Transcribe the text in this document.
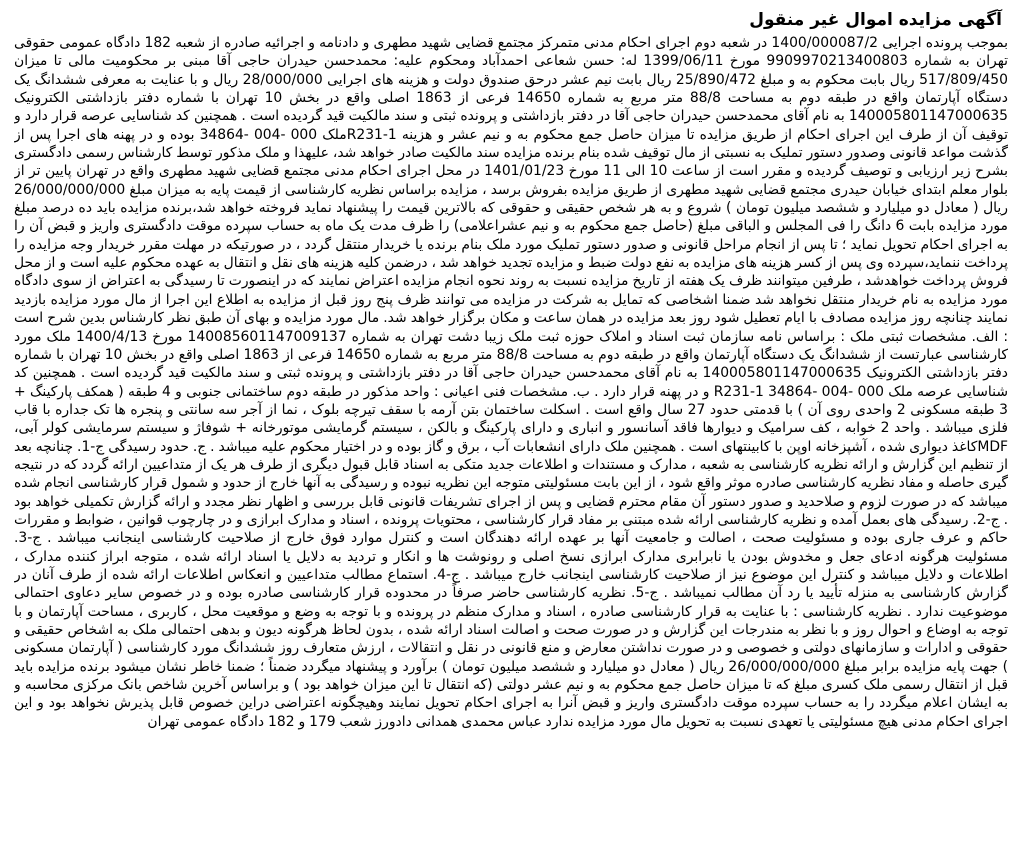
آگهی مزایده اموال غیر منقول

بموجب پرونده اجرایی 1400/000087/2 در شعبه دوم اجرای احکام مدنی متمرکز مجتمع قضایی شهید مطهری و دادنامه و اجرائیه صادره از شعبه 182 دادگاه عمومی حقوقی تهران به شماره 9909970213400803 مورخ 1399/06/11 له: حسن شعاعی احمدآباد ومحکوم علیه: محمدحسن حیدران حاجی آقا مبنی بر محکومیت مالی تا میزان 517/809/450 ریال بابت محکوم به و مبلغ 25/890/472 ریال بابت نیم عشر درحق صندوق دولت و هزینه های اجرایی 28/000/000 ریال و با عنایت به معرفی ششدانگ یک دستگاه آپارتمان واقع در طبقه دوم به مساحت 88/8 متر مربع به شماره 14650 فرعی از 1863 اصلی واقع در بخش 10 تهران با شماره دفتر بازداشتی الکترونیک 140005801147000635 به نام آقای محمدحسن حیدران حاجی آقا در دفتر بازداشتی و پرونده ثبتی و سند مالکیت قید گردیده است . همچنین کد شناسایی عرصه قرار دارد و توقیف آن از طرف این اجرای احکام از طریق مزایده تا میزان حاصل جمع محکوم به و نیم عشر و هزینه R231-1ملک 000 -004 -34864 بوده و در پهنه های اجرا پس از گذشت مواعد قانونی وصدور دستور تملیک به نسبتی از مال توقیف شده بنام برنده مزایده سند مالکیت صادر خواهد شد، علیهذا و ملک مذکور توسط کارشناس رسمی دادگستری بشرح زیر ارزیابی و توصیف گردیده و مقرر است از ساعت 10 الی 11 مورخ 1401/01/23 در محل اجرای احکام مدنی مجتمع قضایی شهید مطهری واقع در تهران پایین تر از بلوار معلم ابتدای خیابان حیدری مجتمع قضایی شهید مطهری از طریق مزایده بفروش برسد ، مزایده براساس نظریه کارشناسی از قیمت پایه به میزان مبلغ 26/000/000/000 ریال ( معادل دو میلیارد و ششصد میلیون تومان ) شروع و به هر شخص حقیقی و حقوقی که بالاترین قیمت را پیشنهاد نماید فروخته خواهد شد،برنده مزایده باید ده درصد مبلغ مورد مزایده بابت 6 دانگ را فی المجلس و الباقی مبلغ (حاصل جمع محکوم به و نیم عشراعلامی) را ظرف مدت یک ماه به حساب سپرده موقت دادگستری واریز و قبض آن را به اجرای احکام تحویل نماید ؛ تا پس از انجام مراحل قانونی و صدور دستور تملیک مورد ملک بنام برنده یا خریدار منتقل گردد ، در صورتیکه در مهلت مقرر خریدار وجه مزایده را پرداخت ننماید،سپرده وی پس از کسر هزینه های مزایده به نفع دولت ضبط و مزایده تجدید خواهد شد ، درضمن کلیه هزینه های نقل و انتقال به عهده محکوم علیه است و از محل فروش پرداخت خواهدشد ، طرفین میتوانند ظرف یک هفته از تاریخ مزایده نسبت به روند نحوه انجام مزایده اعتراض نمایند که در اینصورت تا رسیدگی به اعتراض از سوی دادگاه مورد مزایده به نام خریدار منتقل نخواهد شد ضمنا اشخاصی که تمایل به شرکت در مزایده می توانند ظرف پنج روز قبل از مزایده به اطلاع این اجرا از مال مورد مزایده بازدید نمایند چنانچه روز مزایده مصادف با ایام تعطیل شود روز بعد مزایده در همان ساعت و مکان برگزار خواهد شد. مال مورد مزایده و بهای آن طبق نظر کارشناس بدین شرح است : الف. مشخصات ثبتی ملک : براساس نامه سازمان ثبت اسناد و املاک حوزه ثبت ملک زیبا دشت تهران به شماره 140085601147009137 مورخ 1400/4/13 ملک مورد کارشناسی عبارتست از ششدانگ یک دستگاه آپارتمان واقع در طبقه دوم به مساحت 88/8 متر مربع به شماره 14650 فرعی از 1863 اصلی واقع در بخش 10 تهران با شماره دفتر بازداشتی الکترونیک 140005801147000635 به نام آقای محمدحسن حیدران حاجی آقا در دفتر بازداشتی و پرونده ثبتی و سند مالکیت قید گردیده است . همچنین کد شناسایی عرصه ملک 000 -004 -34864 R231-1 و در پهنه قرار دارد . ب. مشخصات فنی اعیانی : واحد مذکور در طبقه دوم ساختمانی جنوبی و 4 طبقه ( همکف پارکینگ + 3 طبقه مسکونی 2 واحدی روی آن ) با قدمتی حدود 27 سال واقع است . اسکلت ساختمان بتن آرمه با سقف تیرچه بلوک ، نما از آجر سه سانتی و پنجره ها تک جداره با قاب فلزی میباشد . واحد 2 خوابه ، کف سرامیک و دیوارها فاقد آسانسور و انباری و دارای پارکینگ و بالکن ، سیستم گرمایشی موتورخانه + شوفاژ و سیستم سرمایشی کولر آبی، MDFکاغذ دیواری شده ، آشپزخانه اوپن با کابینتهای است . همچنین ملک دارای انشعابات آب ، برق و گاز بوده و در اختیار محکوم علیه میباشد . ج. حدود رسیدگی ج-1. چنانچه بعد از تنظیم این گزارش و ارائه نظریه کارشناسی به شعبه ، مدارک و مستندات و اطلاعات جدید متکی به اسناد قابل قبول دیگری از طرف هر یک از متداعیین ارائه گردد که در نتیجه گیری حاصله و مفاد نظریه کارشناسی صادره موثر واقع شود ، از این بابت مسئولیتی متوجه این نظریه نبوده و رسیدگی به آنها خارج از حدود و شمول قرار کارشناسی انجام شده میباشد که در صورت لزوم و صلاحدید و صدور دستور آن مقام محترم قضایی و پس از اجرای تشریفات قانونی قابل بررسی و اظهار نظر مجدد و ارائه گزارش تکمیلی خواهد بود . ج-2. رسیدگی های بعمل آمده و نظریه کارشناسی ارائه شده مبتنی بر مفاد قرار کارشناسی ، محتویات پرونده ، اسناد و مدارک ابرازی و در چارچوب قوانین ، ضوابط و مقررات حاکم و عرف جاری بوده و مسئولیت صحت ، اصالت و جامعیت آنها بر عهده ارائه دهندگان است و کنترل موارد فوق خارج از صلاحیت کارشناسی اینجانب میباشد . ج-3. مسئولیت هرگونه ادعای جعل و مخدوش بودن یا نابرابری مدارک ابرازی نسخ اصلی و رونوشت ها و انکار و تردید به دلایل یا اسناد ارائه شده ، متوجه ابراز کننده مدارک ، اطلاعات و دلایل میباشد و کنترل این موضوع نیز از صلاحیت کارشناسی اینجانب خارج میباشد . ج-4. استماع مطالب متداعیین و انعکاس اطلاعات ارائه شده از طرف آنان در گزارش کارشناسی به منزله تأیید یا رد آن مطالب نمیباشد . ج-5. نظریه کارشناسی حاضر صرفاً در محدوده قرار کارشناسی صادره بوده و در خصوص سایر دعاوی احتمالی موضوعیت ندارد . نظریه کارشناسی : با عنایت به قرار کارشناسی صادره ، اسناد و مدارک منظم در پرونده و با توجه به وضع و موقعیت محل ، کاربری ، مساحت آپارتمان و با توجه به اوضاع و احوال روز و با نظر به مندرجات این گزارش و در صورت صحت و اصالت اسناد ارائه شده ، بدون لحاظ هرگونه دیون و بدهی احتمالی ملک به اشخاص حقیقی و حقوقی و ادارات و سازمانهای دولتی و خصوصی و در صورت نداشتن معارض و منع قانونی در نقل و انتقالات ، ارزش متعارف روز ششدانگ مورد کارشناسی ( آپارتمان مسکونی ) جهت پایه مزایده برابر مبلغ 26/000/000/000 ریال ( معادل دو میلیارد و ششصد میلیون تومان ) برآورد و پیشنهاد میگردد ضمناً ؛ ضمنا خاطر نشان میشود برنده مزایده باید قبل از انتقال رسمی ملک کسری مبلغ که تا میزان حاصل جمع محکوم به و نیم عشر دولتی (که انتقال تا این میزان خواهد بود ) و براساس آخرین شاخص بانک مرکزی محاسبه و به ایشان اعلام میگردد را به حساب سپرده موقت دادگستری واریز و قبض آنرا به اجرای احکام تحویل نمایند وهیچگونه اعتراضی دراین خصوص قابل پذیرش نخواهد بود و این اجرای احکام مدنی هیچ مسئولیتی یا تعهدی نسبت به تحویل مال مورد مزایده ندارد عباس محمدی همدانی دادورز شعب 179 و 182 دادگاه عمومی تهران
